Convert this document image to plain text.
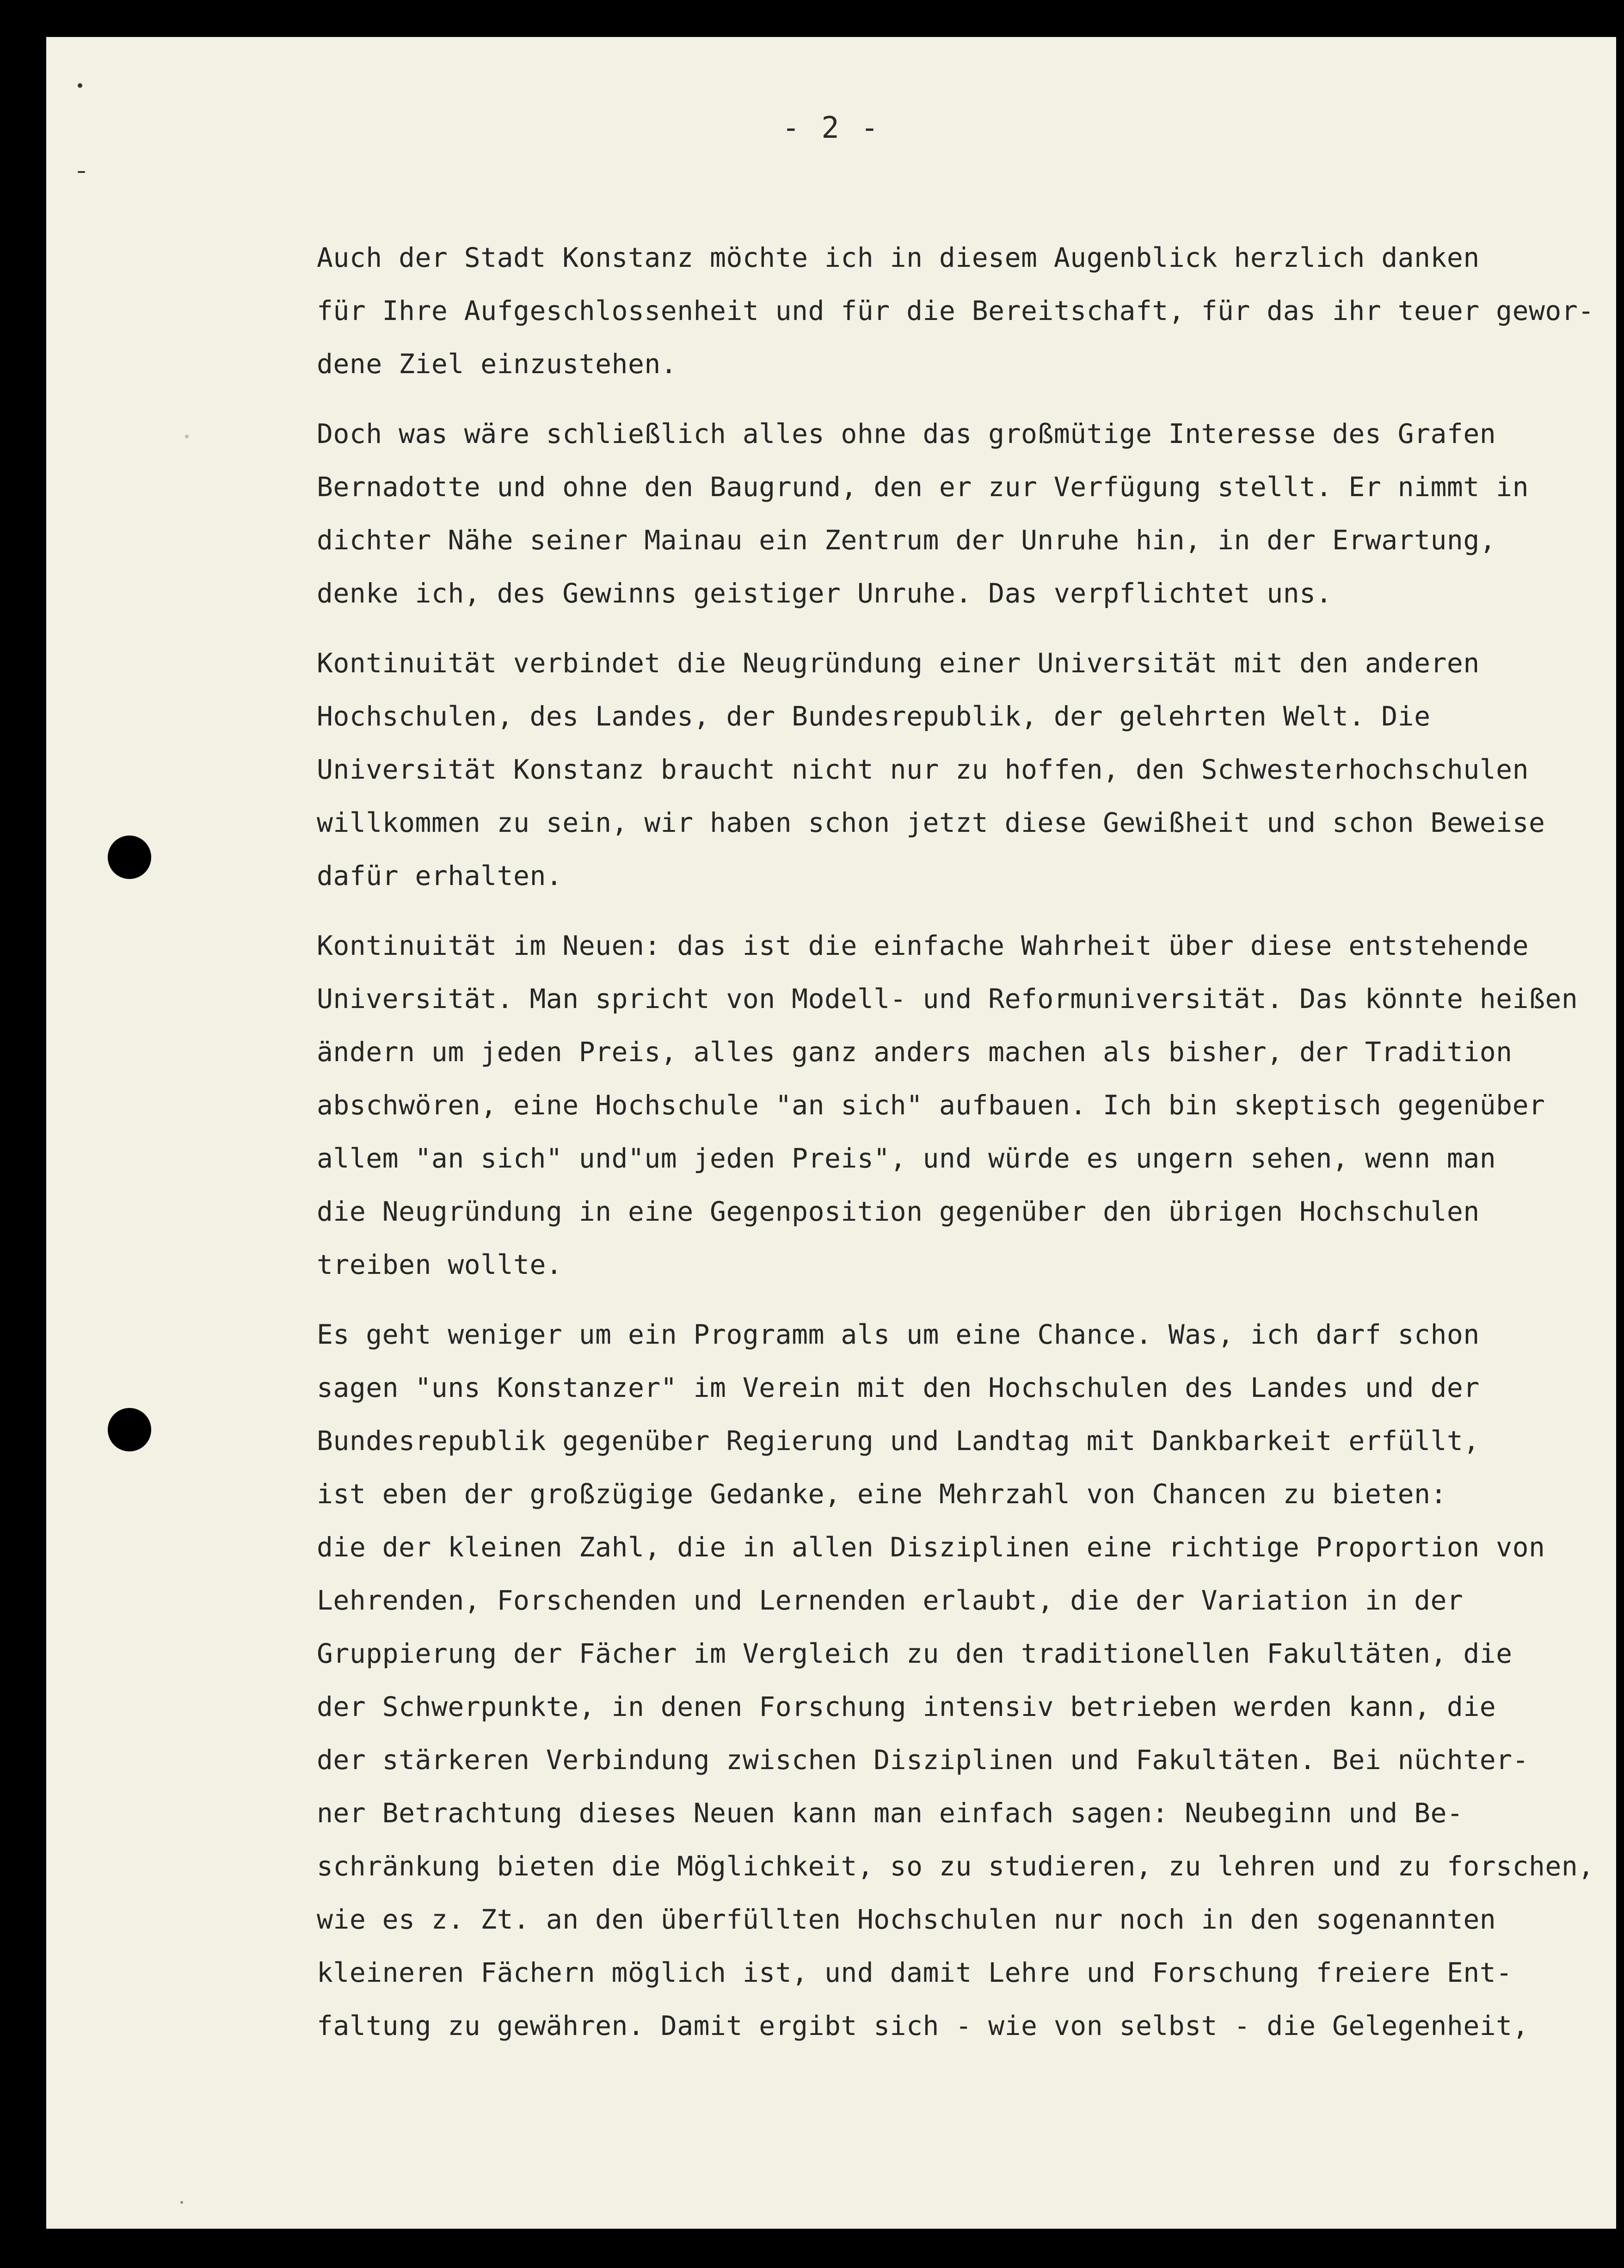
- 2 -
Auch der Stadt Konstanz möchte ich in diesem Augenblick herzlich danken
für Ihre Aufgeschlossenheit und für die Bereitschaft, für das ihr teuer gewor-
dene Ziel einzustehen.
Doch was wäre schließlich alles ohne das großmütige Interesse des Grafen
Bernadotte und ohne den Baugrund, den er zur Verfügung stellt. Er nimmt in
dichter Nähe seiner Mainau ein Zentrum der Unruhe hin, in der Erwartung,
denke ich, des Gewinns geistiger Unruhe. Das verpflichtet uns.
Kontinuität verbindet die Neugründung einer Universität mit den anderen
Hochschulen, des Landes, der Bundesrepublik, der gelehrten Welt. Die
Universität Konstanz braucht nicht nur zu hoffen, den Schwesterhochschulen
willkommen zu sein, wir haben schon jetzt diese Gewißheit und schon Beweise
dafür erhalten.
Kontinuität im Neuen: das ist die einfache Wahrheit über diese entstehende
Universität. Man spricht von Modell- und Reformuniversität. Das könnte heißen
ändern um jeden Preis, alles ganz anders machen als bisher, der Tradition
abschwören, eine Hochschule "an sich" aufbauen. Ich bin skeptisch gegenüber
allem "an sich" und"um jeden Preis", und würde es ungern sehen, wenn man
die Neugründung in eine Gegenposition gegenüber den übrigen Hochschulen
treiben wollte.
Es geht weniger um ein Programm als um eine Chance. Was, ich darf schon
sagen "uns Konstanzer" im Verein mit den Hochschulen des Landes und der
Bundesrepublik gegenüber Regierung und Landtag mit Dankbarkeit erfüllt,
ist eben der großzügige Gedanke, eine Mehrzahl von Chancen zu bieten:
die der kleinen Zahl, die in allen Disziplinen eine richtige Proportion von
Lehrenden, Forschenden und Lernenden erlaubt, die der Variation in der
Gruppierung der Fächer im Vergleich zu den traditionellen Fakultäten, die
der Schwerpunkte, in denen Forschung intensiv betrieben werden kann, die
der stärkeren Verbindung zwischen Disziplinen und Fakultäten. Bei nüchter-
ner Betrachtung dieses Neuen kann man einfach sagen: Neubeginn und Be-
schränkung bieten die Möglichkeit, so zu studieren, zu lehren und zu forschen,
wie es z. Zt. an den überfüllten Hochschulen nur noch in den sogenannten
kleineren Fächern möglich ist, und damit Lehre und Forschung freiere Ent-
faltung zu gewähren. Damit ergibt sich - wie von selbst - die Gelegenheit,
